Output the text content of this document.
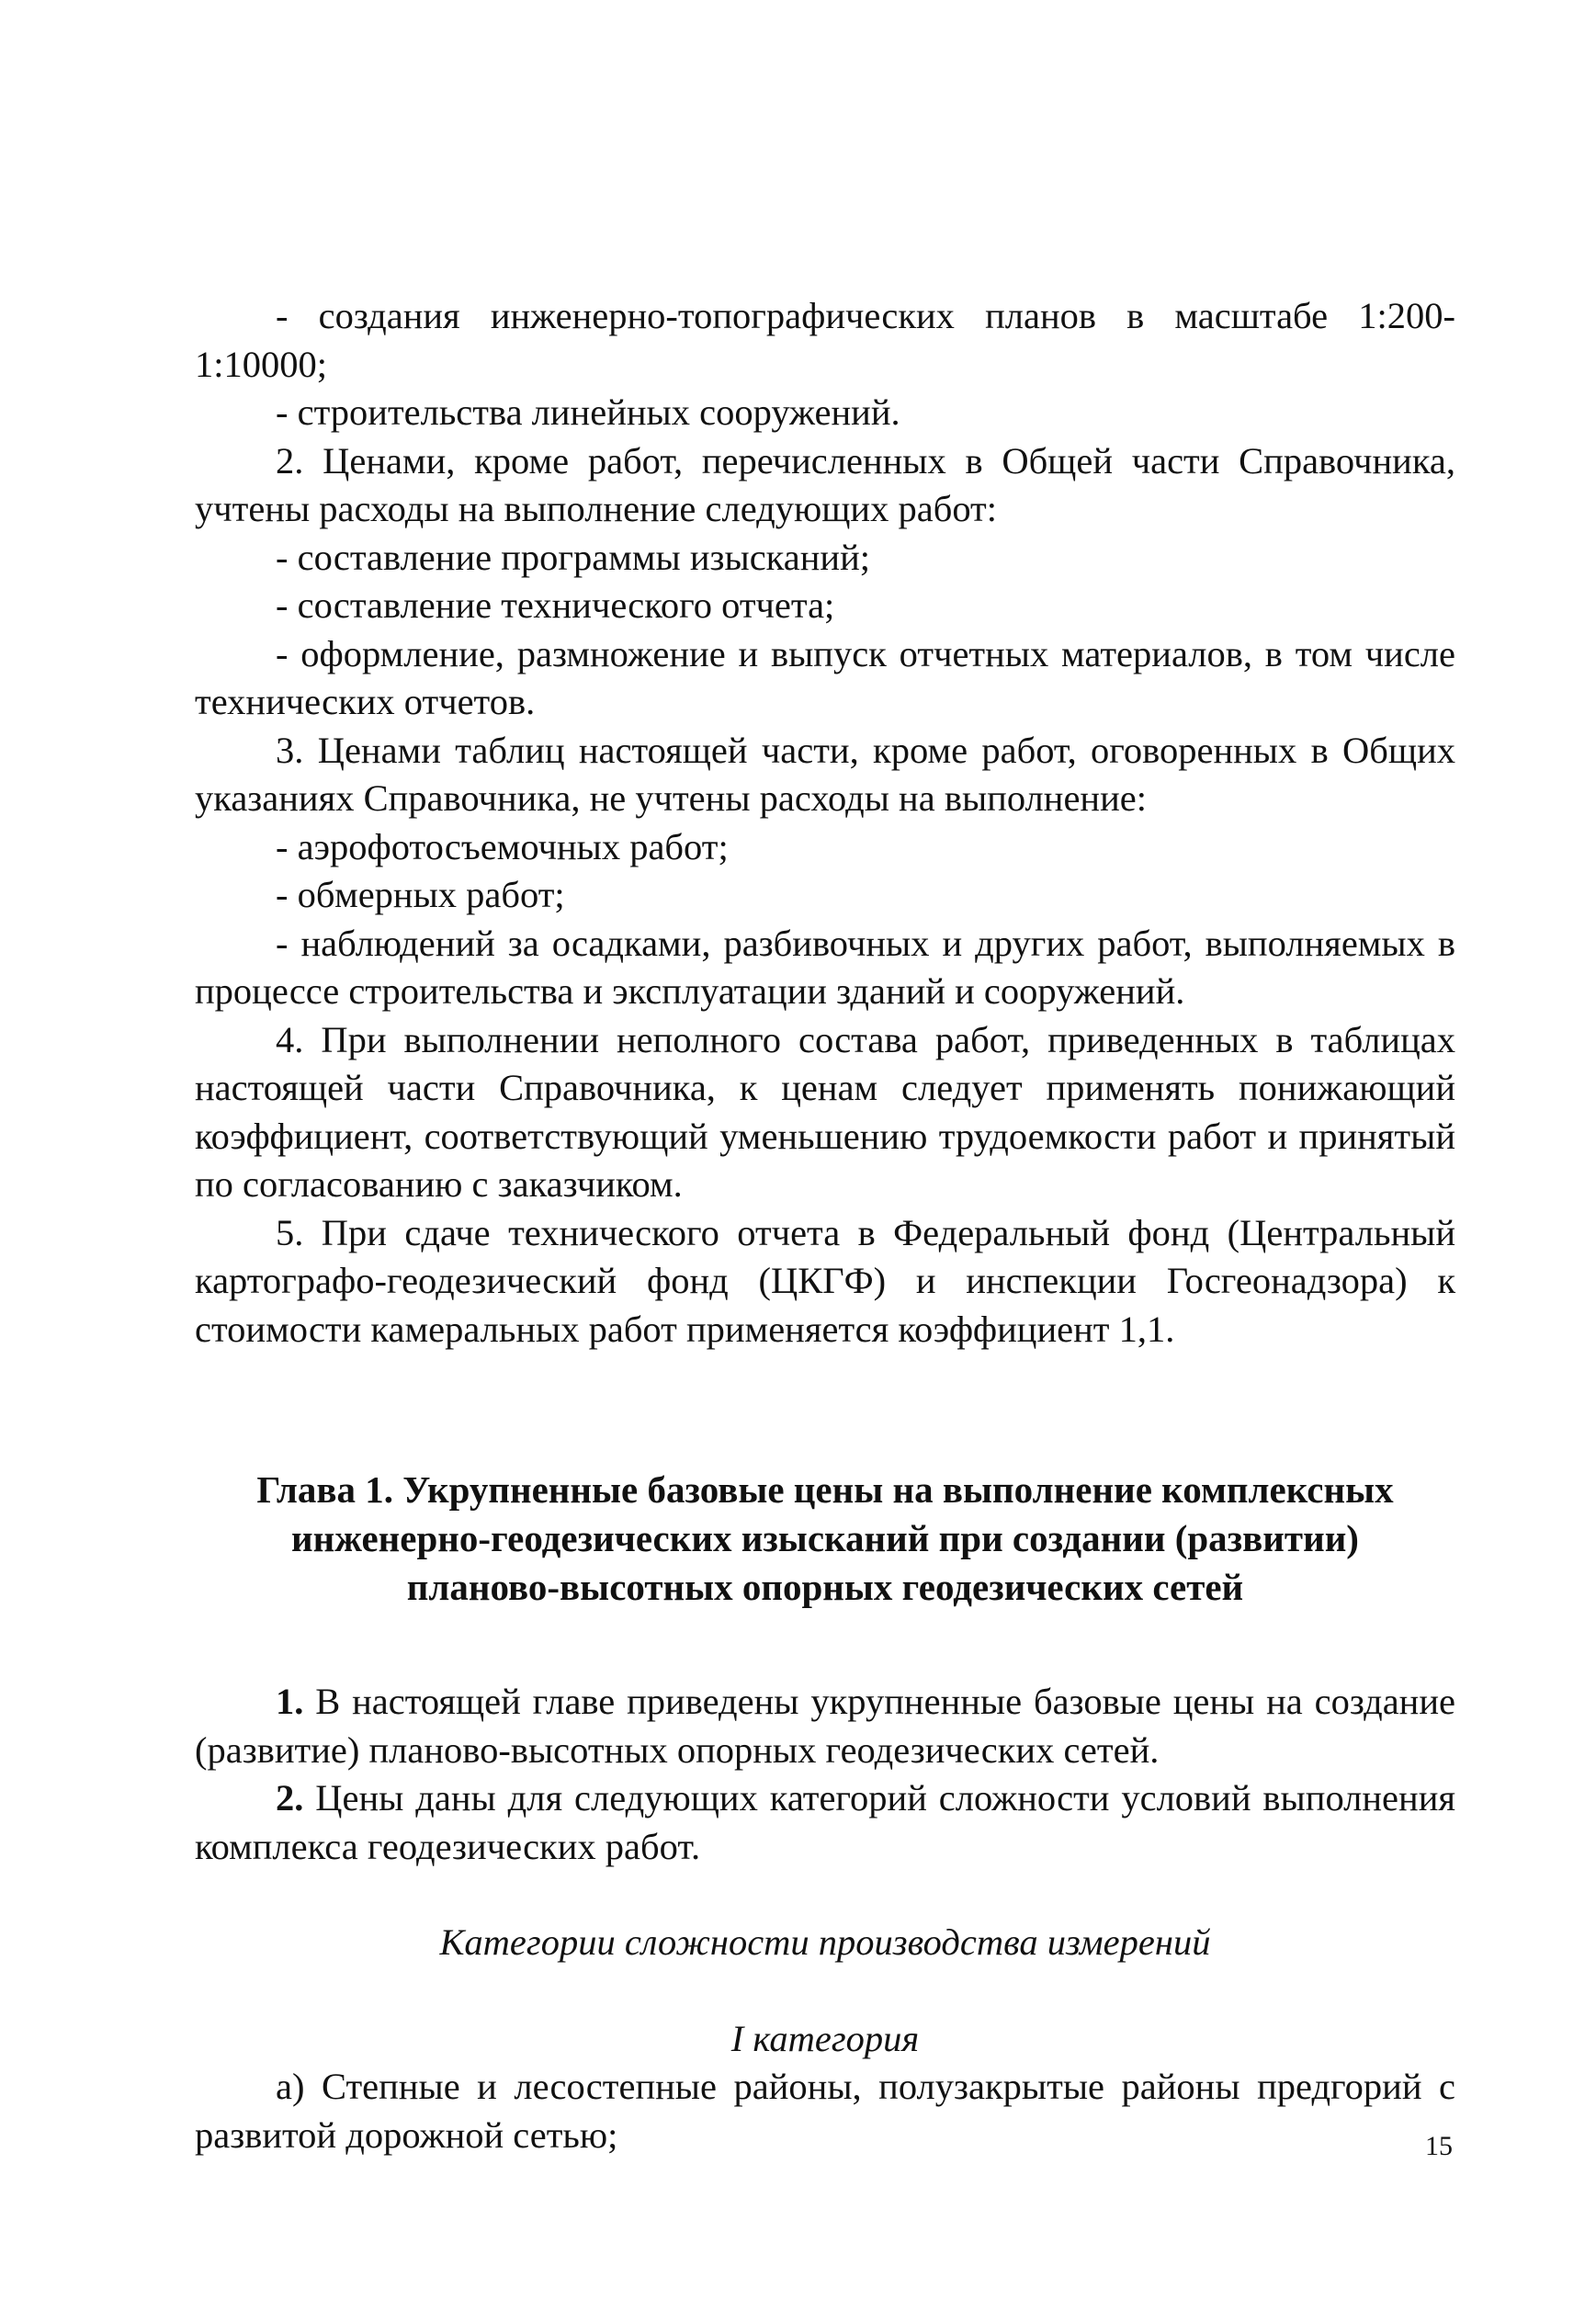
- создания инженерно-топографических планов в масштабе 1:200-1:10000;

- строительства линейных сооружений.

2. Ценами, кроме работ, перечисленных в Общей части Справочника, учтены расходы на выполнение следующих работ:

- составление программы изысканий;

- составление технического отчета;

- оформление, размножение и выпуск отчетных материалов, в том числе технических отчетов.

3. Ценами таблиц настоящей части, кроме работ, оговоренных в Общих указаниях Справочника, не учтены расходы на выполнение:

- аэрофотосъемочных работ;

- обмерных работ;

- наблюдений за осадками, разбивочных и других работ, выполняемых в процессе строительства и эксплуатации зданий и сооружений.

4. При выполнении неполного состава работ, приведенных в таблицах настоящей части Справочника, к ценам следует применять понижающий коэффициент, соответствующий уменьшению трудоемкости работ и принятый по согласованию с заказчиком.

5. При сдаче технического отчета в Федеральный фонд (Центральный картографо-геодезический фонд (ЦКГФ) и инспекции Госгеонадзора) к стоимости камеральных работ применяется коэффициент 1,1.

Глава 1. Укрупненные базовые цены на выполнение комплексных инженерно-геодезических изысканий при создании (развитии) планово-высотных опорных геодезических сетей

1. В настоящей главе приведены укрупненные базовые цены на создание (развитие) планово-высотных опорных геодезических сетей.

2. Цены даны для следующих категорий сложности условий выполнения комплекса геодезических работ.

Категории сложности производства измерений

I категория

а) Степные и лесостепные районы, полузакрытые районы предгорий с развитой дорожной сетью;	15
